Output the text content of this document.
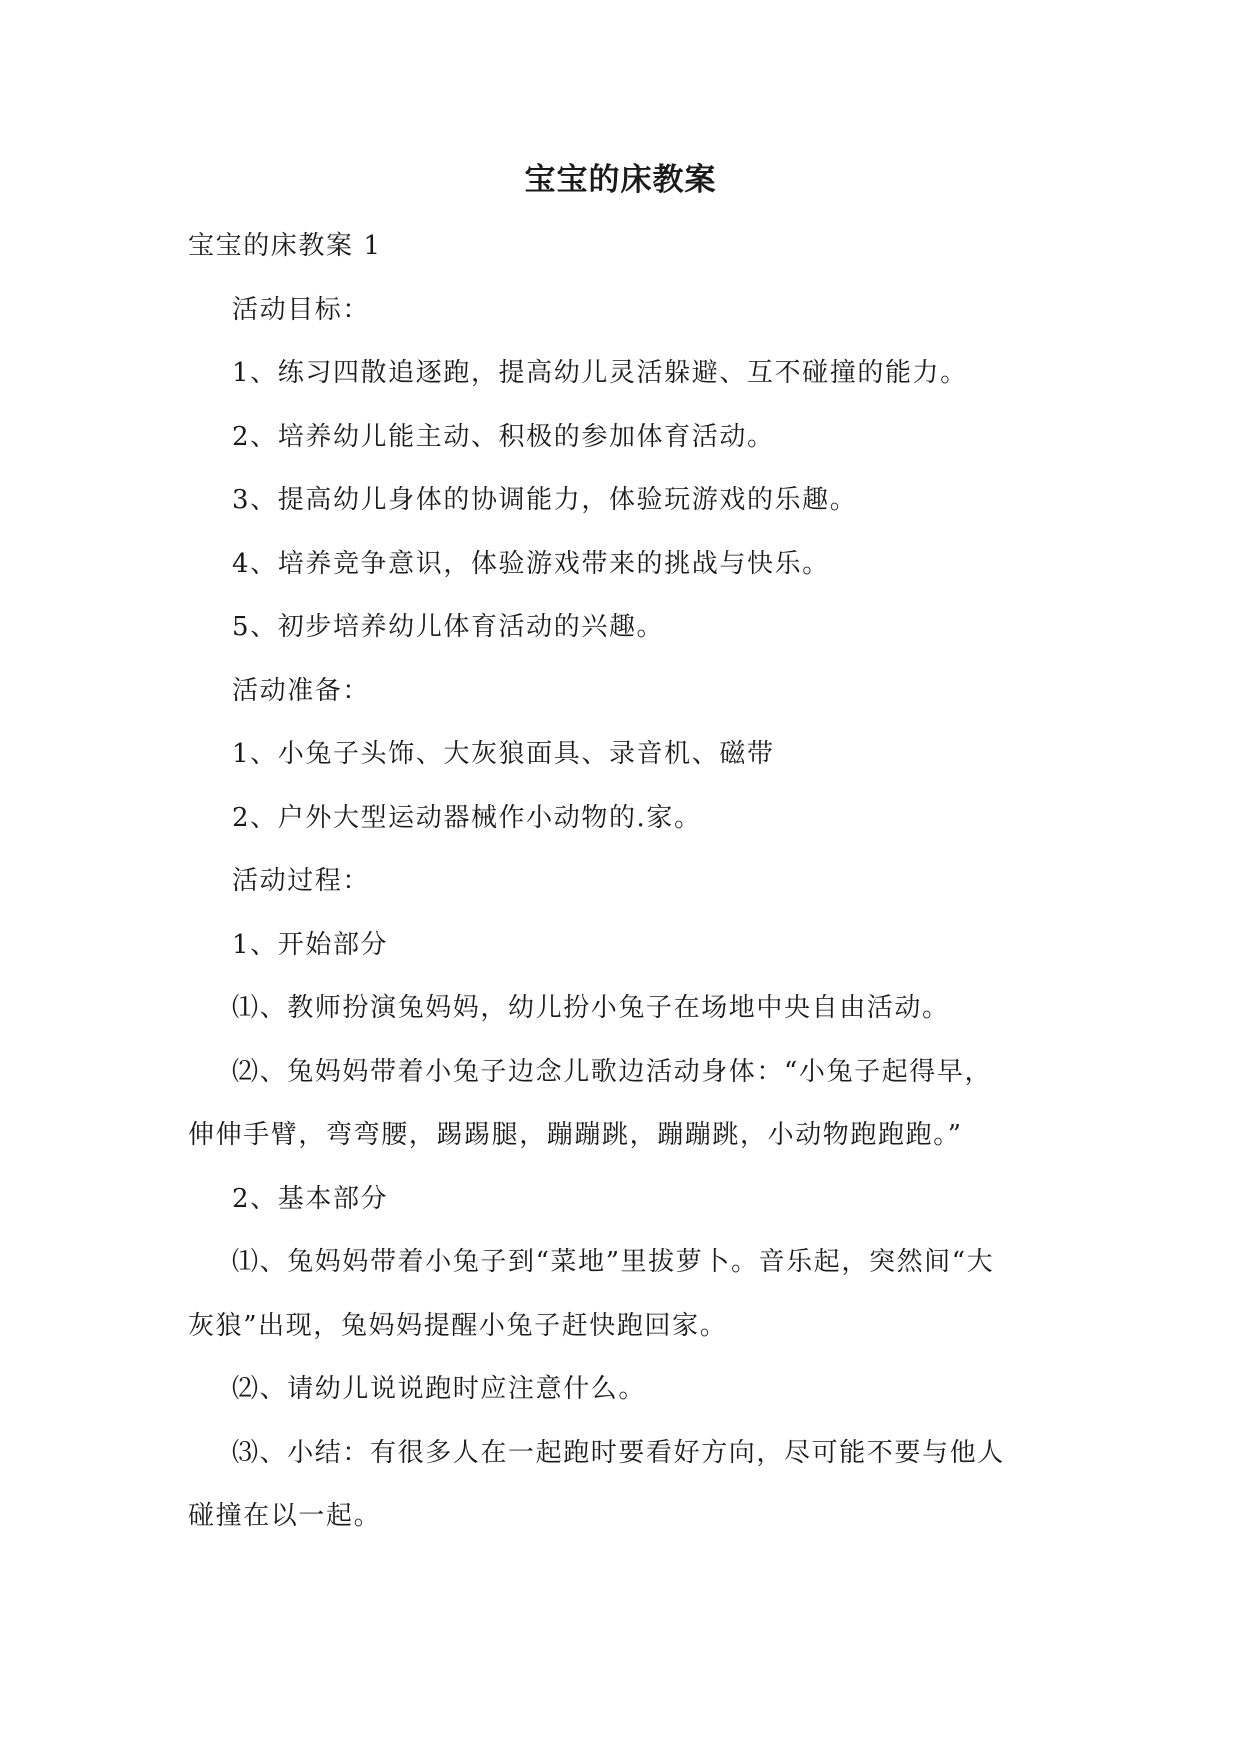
宝宝的床教案
宝宝的床教案 1
活动目标：
1、练习四散追逐跑，提高幼儿灵活躲避、互不碰撞的能力。
2、培养幼儿能主动、积极的参加体育活动。
3、提高幼儿身体的协调能力，体验玩游戏的乐趣。
4、培养竞争意识，体验游戏带来的挑战与快乐。
5、初步培养幼儿体育活动的兴趣。
活动准备：
1、小兔子头饰、大灰狼面具、录音机、磁带
2、户外大型运动器械作小动物的.家。
活动过程：
1、开始部分
⑴、教师扮演兔妈妈，幼儿扮小兔子在场地中央自由活动。
⑵、兔妈妈带着小兔子边念儿歌边活动身体：“小兔子起得早，
伸伸手臂，弯弯腰，踢踢腿，蹦蹦跳，蹦蹦跳，小动物跑跑跑。”
2、基本部分
⑴、兔妈妈带着小兔子到“菜地”里拔萝卜。音乐起，突然间“大
灰狼”出现，兔妈妈提醒小兔子赶快跑回家。
⑵、请幼儿说说跑时应注意什么。
⑶、小结：有很多人在一起跑时要看好方向，尽可能不要与他人
碰撞在以一起。
